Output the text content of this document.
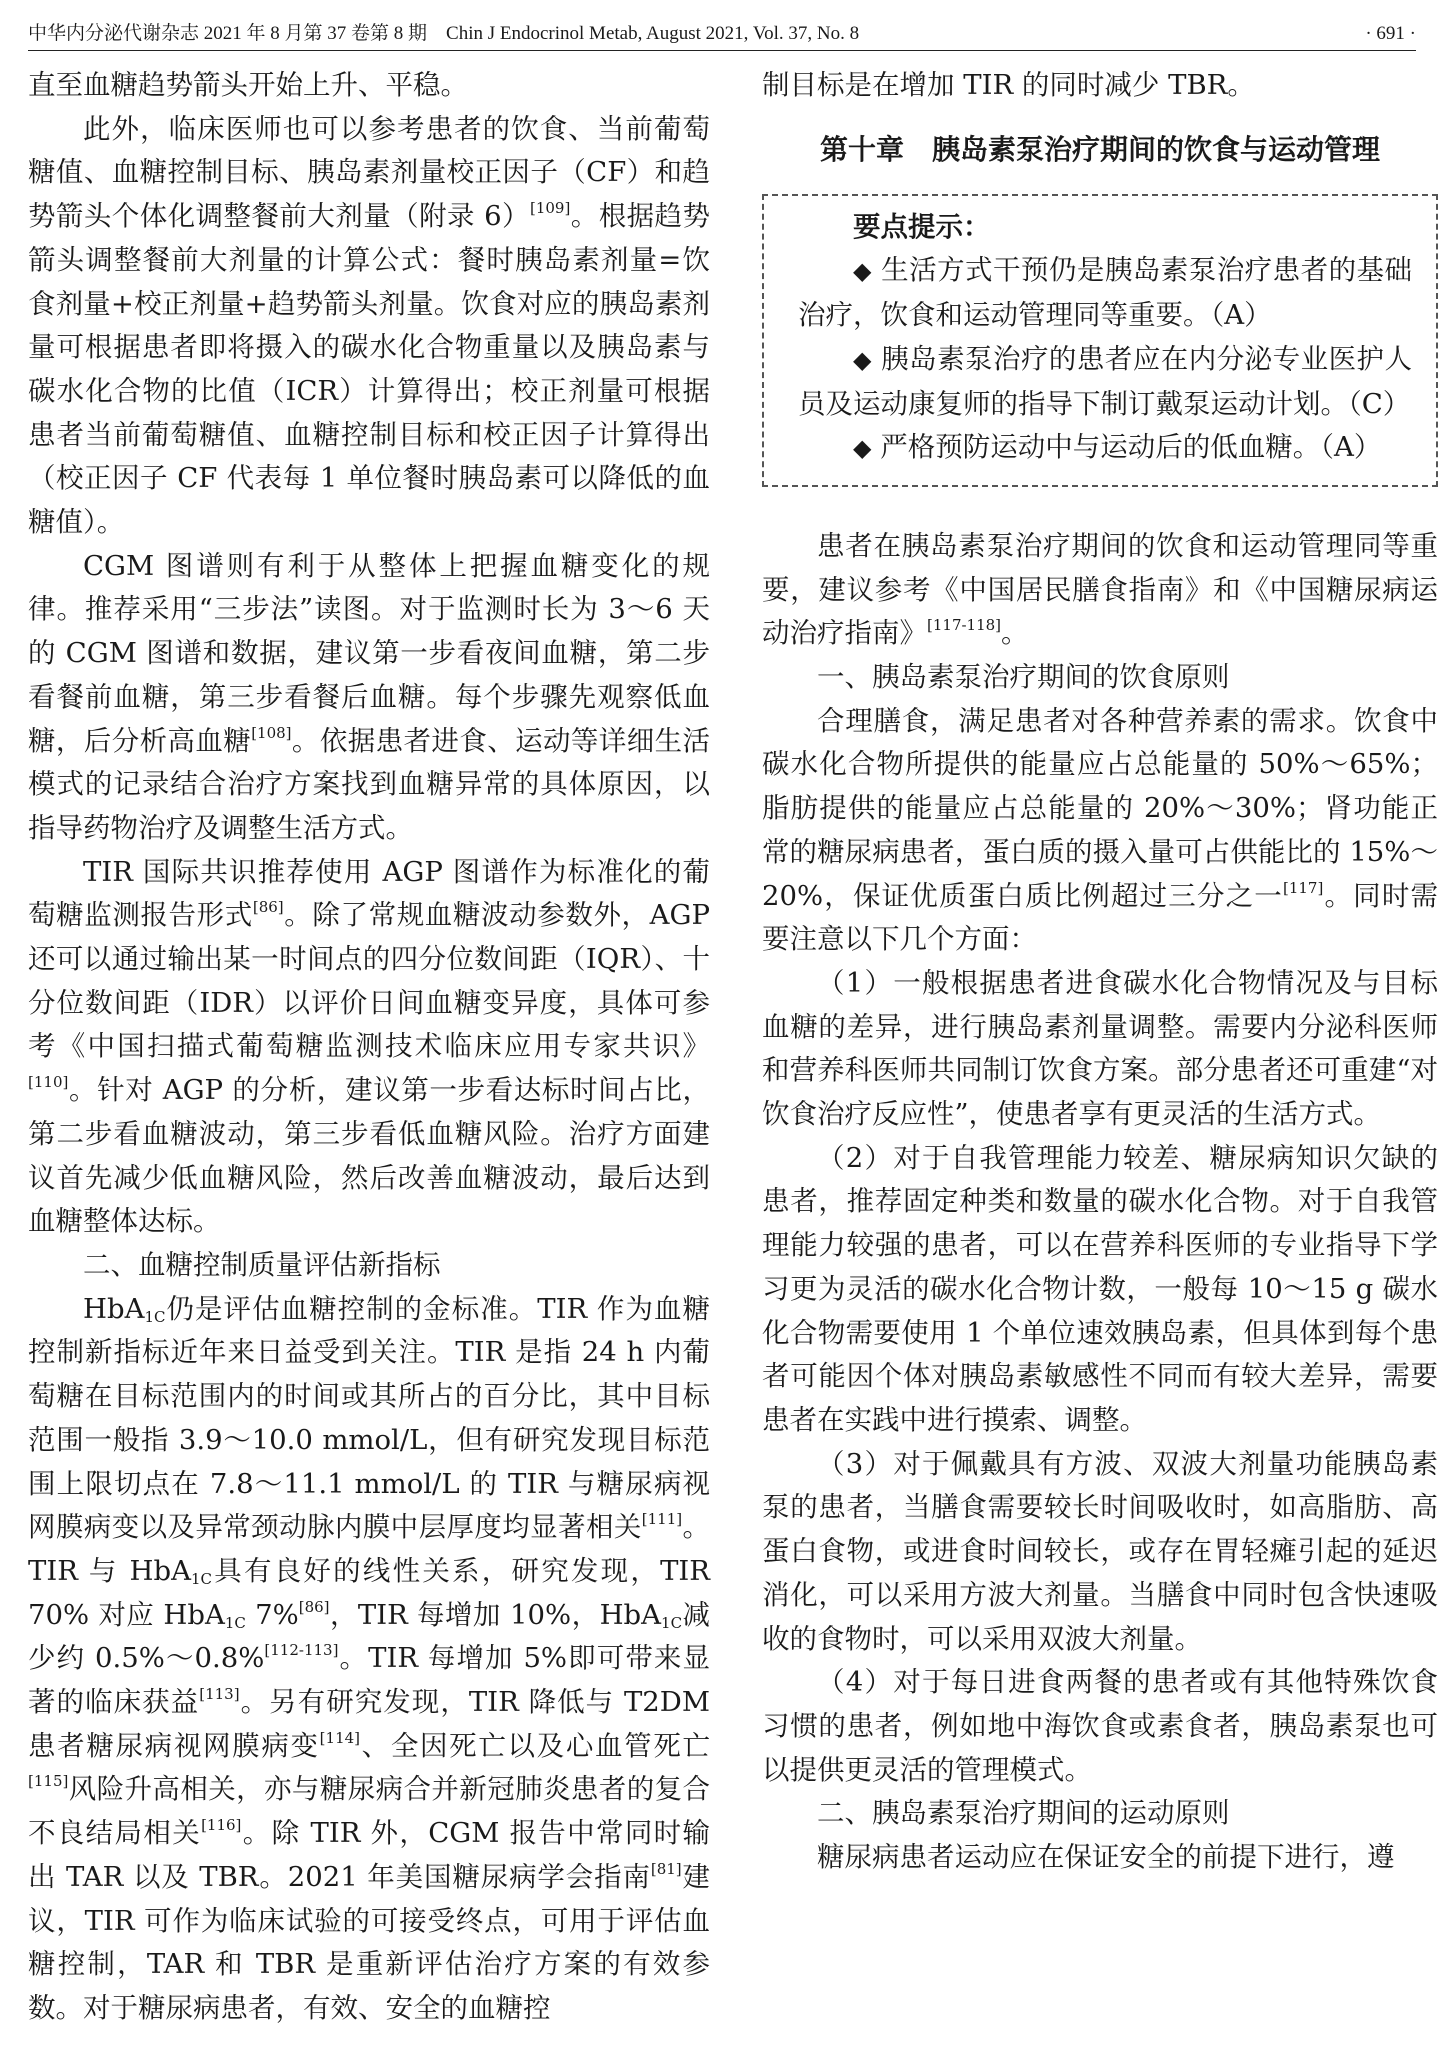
中华内分泌代谢杂志 2021 年 8 月第 37 卷第 8 期　 Chin J Endocrinol Metab, August 2021, Vol. 37, No. 8	· 691 ·

直至血糖趋势箭头开始上升、平稳。

此外，临床医师也可以参考患者的饮食、当前葡萄糖值、血糖控制目标、胰岛素剂量校正因子（CF）和趋势箭头个体化调整餐前大剂量（附录 6）[109]。根据趋势箭头调整餐前大剂量的计算公式：餐时胰岛素剂量=饮食剂量+校正剂量+趋势箭头剂量。饮食对应的胰岛素剂量可根据患者即将摄入的碳水化合物重量以及胰岛素与碳水化合物的比值（ICR）计算得出；校正剂量可根据患者当前葡萄糖值、血糖控制目标和校正因子计算得出（校正因子 CF 代表每 1 单位餐时胰岛素可以降低的血糖值）。

CGM 图谱则有利于从整体上把握血糖变化的规律。推荐采用“三步法”读图。对于监测时长为 3～6 天的 CGM 图谱和数据，建议第一步看夜间血糖，第二步看餐前血糖，第三步看餐后血糖。每个步骤先观察低血糖，后分析高血糖[108]。依据患者进食、运动等详细生活模式的记录结合治疗方案找到血糖异常的具体原因，以指导药物治疗及调整生活方式。

TIR 国际共识推荐使用 AGP 图谱作为标准化的葡萄糖监测报告形式[86]。除了常规血糖波动参数外，AGP 还可以通过输出某一时间点的四分位数间距（IQR）、十分位数间距（IDR）以评价日间血糖变异度，具体可参考《中国扫描式葡萄糖监测技术临床应用专家共识》[110]。针对 AGP 的分析，建议第一步看达标时间占比，第二步看血糖波动，第三步看低血糖风险。治疗方面建议首先减少低血糖风险，然后改善血糖波动，最后达到血糖整体达标。

二、血糖控制质量评估新指标

HbA$_{1C}$仍是评估血糖控制的金标准。TIR 作为血糖控制新指标近年来日益受到关注。TIR 是指 24 h 内葡萄糖在目标范围内的时间或其所占的百分比，其中目标范围一般指 3.9～10.0 mmol/L，但有研究发现目标范围上限切点在 7.8～11.1 mmol/L 的 TIR 与糖尿病视网膜病变以及异常颈动脉内膜中层厚度均显著相关[111]。TIR 与 HbA$_{1C}$具有良好的线性关系，研究发现，TIR 70% 对应 HbA$_{1C}$ 7%[86]，TIR 每增加 10%，HbA$_{1C}$减少约 0.5%～0.8%[112-113]。TIR 每增加 5%即可带来显著的临床获益[113]。另有研究发现，TIR 降低与 T2DM 患者糖尿病视网膜病变[114]、全因死亡以及心血管死亡[115]风险升高相关，亦与糖尿病合并新冠肺炎患者的复合不良结局相关[116]。除 TIR 外，CGM 报告中常同时输出 TAR 以及 TBR。2021 年美国糖尿病学会指南[81]建议，TIR 可作为临床试验的可接受终点，可用于评估血糖控制，TAR 和 TBR 是重新评估治疗方案的有效参数。对于糖尿病患者，有效、安全的血糖控

制目标是在增加 TIR 的同时减少 TBR。

第十章　胰岛素泵治疗期间的饮食与运动管理

要点提示：

◆ 生活方式干预仍是胰岛素泵治疗患者的基础治疗，饮食和运动管理同等重要。（A）

◆ 胰岛素泵治疗的患者应在内分泌专业医护人员及运动康复师的指导下制订戴泵运动计划。（C）

◆ 严格预防运动中与运动后的低血糖。（A）

患者在胰岛素泵治疗期间的饮食和运动管理同等重要，建议参考《中国居民膳食指南》和《中国糖尿病运动治疗指南》[117-118]。

一、胰岛素泵治疗期间的饮食原则

合理膳食，满足患者对各种营养素的需求。饮食中碳水化合物所提供的能量应占总能量的 50%～65%；脂肪提供的能量应占总能量的 20%～30%；肾功能正常的糖尿病患者，蛋白质的摄入量可占供能比的 15%～20%，保证优质蛋白质比例超过三分之一[117]。同时需要注意以下几个方面：

（1）一般根据患者进食碳水化合物情况及与目标血糖的差异，进行胰岛素剂量调整。需要内分泌科医师和营养科医师共同制订饮食方案。部分患者还可重建“对饮食治疗反应性”，使患者享有更灵活的生活方式。

（2）对于自我管理能力较差、糖尿病知识欠缺的患者，推荐固定种类和数量的碳水化合物。对于自我管理能力较强的患者，可以在营养科医师的专业指导下学习更为灵活的碳水化合物计数，一般每 10～15 g 碳水化合物需要使用 1 个单位速效胰岛素，但具体到每个患者可能因个体对胰岛素敏感性不同而有较大差异，需要患者在实践中进行摸索、调整。

（3）对于佩戴具有方波、双波大剂量功能胰岛素泵的患者，当膳食需要较长时间吸收时，如高脂肪、高蛋白食物，或进食时间较长，或存在胃轻瘫引起的延迟消化，可以采用方波大剂量。当膳食中同时包含快速吸收的食物时，可以采用双波大剂量。

（4）对于每日进食两餐的患者或有其他特殊饮食习惯的患者，例如地中海饮食或素食者，胰岛素泵也可以提供更灵活的管理模式。

二、胰岛素泵治疗期间的运动原则

糖尿病患者运动应在保证安全的前提下进行，遵
